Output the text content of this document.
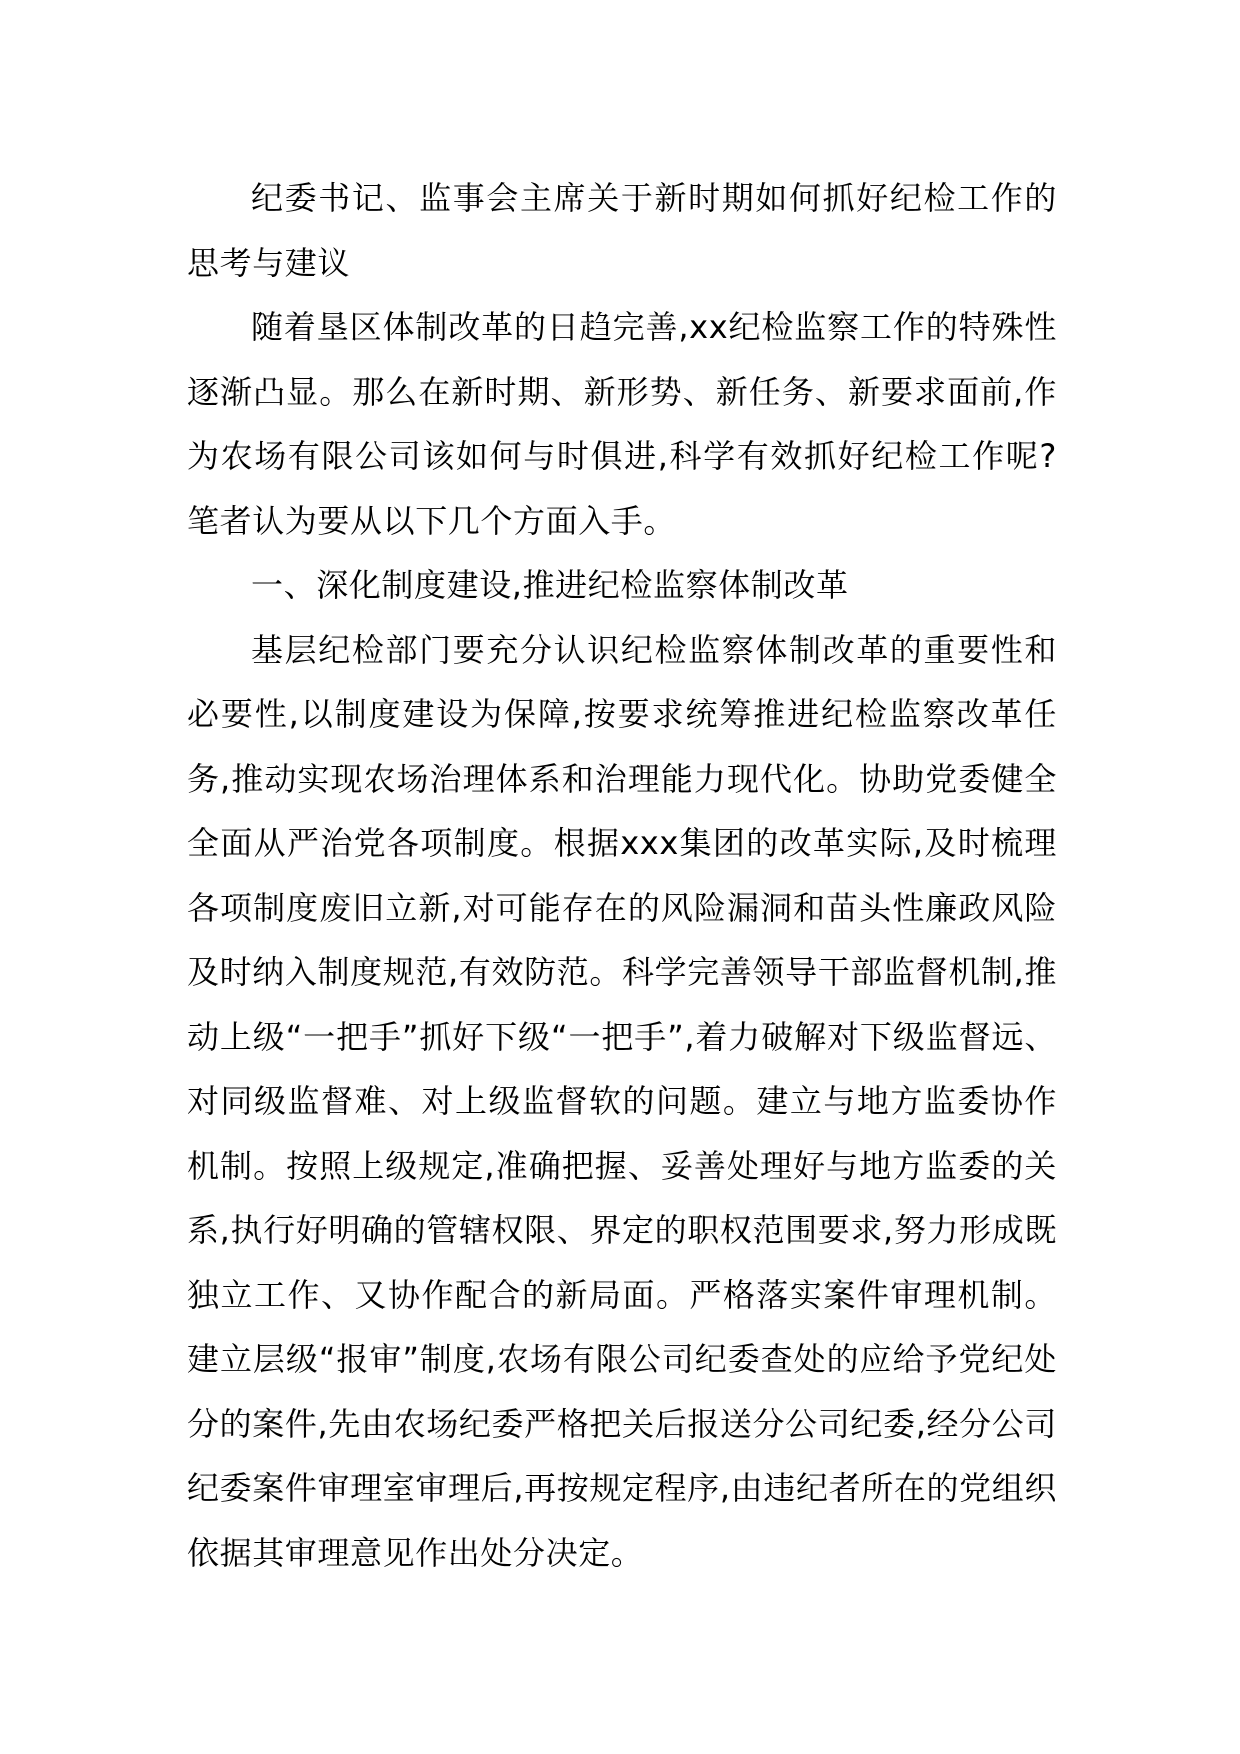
纪委书记、监事会主席关于新时期如何抓好纪检工作的思考与建议

随着垦区体制改革的日趋完善,xx纪检监察工作的特殊性逐渐凸显。那么在新时期、新形势、新任务、新要求面前,作为农场有限公司该如何与时俱进,科学有效抓好纪检工作呢?笔者认为要从以下几个方面入手。

一、深化制度建设,推进纪检监察体制改革

基层纪检部门要充分认识纪检监察体制改革的重要性和必要性,以制度建设为保障,按要求统筹推进纪检监察改革任务,推动实现农场治理体系和治理能力现代化。协助党委健全全面从严治党各项制度。根据xxx集团的改革实际,及时梳理各项制度废旧立新,对可能存在的风险漏洞和苗头性廉政风险及时纳入制度规范,有效防范。科学完善领导干部监督机制,推动上级“一把手”抓好下级“一把手”,着力破解对下级监督远、对同级监督难、对上级监督软的问题。建立与地方监委协作机制。按照上级规定,准确把握、妥善处理好与地方监委的关系,执行好明确的管辖权限、界定的职权范围要求,努力形成既独立工作、又协作配合的新局面。严格落实案件审理机制。建立层级“报审”制度,农场有限公司纪委查处的应给予党纪处分的案件,先由农场纪委严格把关后报送分公司纪委,经分公司纪委案件审理室审理后,再按规定程序,由违纪者所在的党组织依据其审理意见作出处分决定。
